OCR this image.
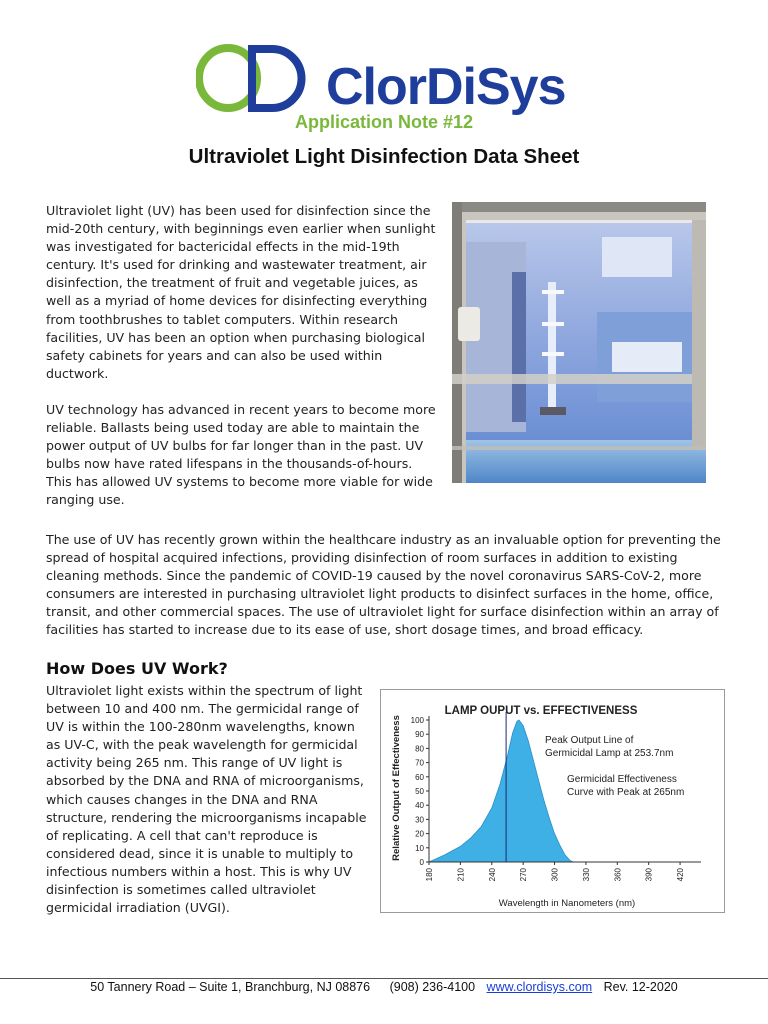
ClorDiSys
Application Note #12
Ultraviolet Light Disinfection Data Sheet

Ultraviolet light (UV) has been used for disinfection since the mid-20th century, with beginnings even earlier when sunlight was investigated for bactericidal effects in the mid-19th century. It's used for drinking and wastewater treatment, air disinfection, the treatment of fruit and vegetable juices, as well as a myriad of home devices for disinfecting everything from toothbrushes to tablet computers. Within research facilities, UV has been an option when purchasing biological safety cabinets for years and can also be used within ductwork.

UV technology has advanced in recent years to become more reliable. Ballasts being used today are able to maintain the power output of UV bulbs for far longer than in the past. UV bulbs now have rated lifespans in the thousands-of-hours. This has allowed UV systems to become more viable for wide ranging use.

The use of UV has recently grown within the healthcare industry as an invaluable option for preventing the spread of hospital acquired infections, providing disinfection of room surfaces in addition to existing cleaning methods. Since the pandemic of COVID-19 caused by the novel coronavirus SARS-CoV-2, more consumers are interested in purchasing ultraviolet light products to disinfect surfaces in the home, office, transit, and other commercial spaces. The use of ultraviolet light for surface disinfection within an array of facilities has started to increase due to its ease of use, short dosage times, and broad efficacy.

How Does UV Work?

Ultraviolet light exists within the spectrum of light between 10 and 400 nm. The germicidal range of UV is within the 100-280nm wavelengths, known as UV-C, with the peak wavelength for germicidal activity being 265 nm. This range of UV light is absorbed by the DNA and RNA of microorganisms, which causes changes in the DNA and RNA structure, rendering the microorganisms incapable of replicating. A cell that can't reproduce is considered dead, since it is unable to multiply to infectious numbers within a host. This is why UV disinfection is sometimes called ultraviolet germicidal irradiation (UVGI).

LAMP OUPUT vs. EFFECTIVENESS
Relative Output of Effectiveness
Wavelength in Nanometers (nm)
0
10
20
30
40
50
60
70
80
90
100
180	210	240	270	300	330	360	390	420
Peak Output Line of Germicidal Lamp at 253.7nm
Germicidal Effectiveness Curve with Peak at 265nm
50 Tannery Road – Suite 1, Branchburg, NJ 08876 (908) 236-4100 www.clordisys.com Rev. 12-2020
